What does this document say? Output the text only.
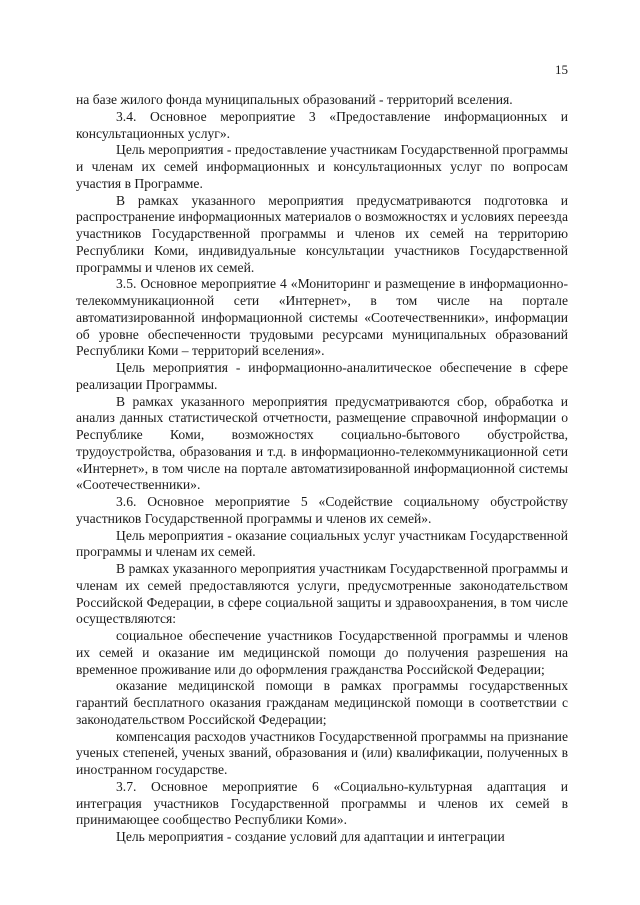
15

на базе жилого фонда муниципальных образований - территорий вселения.

3.4. Основное мероприятие 3 «Предоставление информационных и консультационных услуг».

Цель мероприятия - предоставление участникам Государственной программы и членам их семей информационных и консультационных услуг по вопросам участия в Программе.

В рамках указанного мероприятия предусматриваются подготовка и распространение информационных материалов о возможностях и условиях переезда участников Государственной программы и членов их семей на территорию Республики Коми, индивидуальные консультации участников Государственной программы и членов их семей.

3.5. Основное мероприятие 4 «Мониторинг и размещение в информационно-телекоммуникационной сети «Интернет», в том числе на портале автоматизированной информационной системы «Соотечественники», информации об уровне обеспеченности трудовыми ресурсами муниципальных образований Республики Коми – территорий вселения».

Цель мероприятия - информационно-аналитическое обеспечение в сфере реализации Программы.

В рамках указанного мероприятия предусматриваются сбор, обработка и анализ данных статистической отчетности, размещение справочной информации о Республике Коми, возможностях социально-бытового обустройства, трудоустройства, образования и т.д. в информационно-телекоммуникационной сети «Интернет», в том числе на портале автоматизированной информационной системы «Соотечественники».

3.6. Основное мероприятие 5 «Содействие социальному обустройству участников Государственной программы и членов их семей».

Цель мероприятия - оказание социальных услуг участникам Государственной программы и членам их семей.

В рамках указанного мероприятия участникам Государственной программы и членам их семей предоставляются услуги, предусмотренные законодательством Российской Федерации, в сфере социальной защиты и здравоохранения, в том числе осуществляются:

социальное обеспечение участников Государственной программы и членов их семей и оказание им медицинской помощи до получения разрешения на временное проживание или до оформления гражданства Российской Федерации;

оказание медицинской помощи в рамках программы государственных гарантий бесплатного оказания гражданам медицинской помощи в соответствии с законодательством Российской Федерации;

компенсация расходов участников Государственной программы на признание ученых степеней, ученых званий, образования и (или) квалификации, полученных в иностранном государстве.

3.7. Основное мероприятие 6 «Социально-культурная адаптация и интеграция участников Государственной программы и членов их семей в принимающее сообщество Республики Коми».

Цель мероприятия - создание условий для адаптации и интеграции
